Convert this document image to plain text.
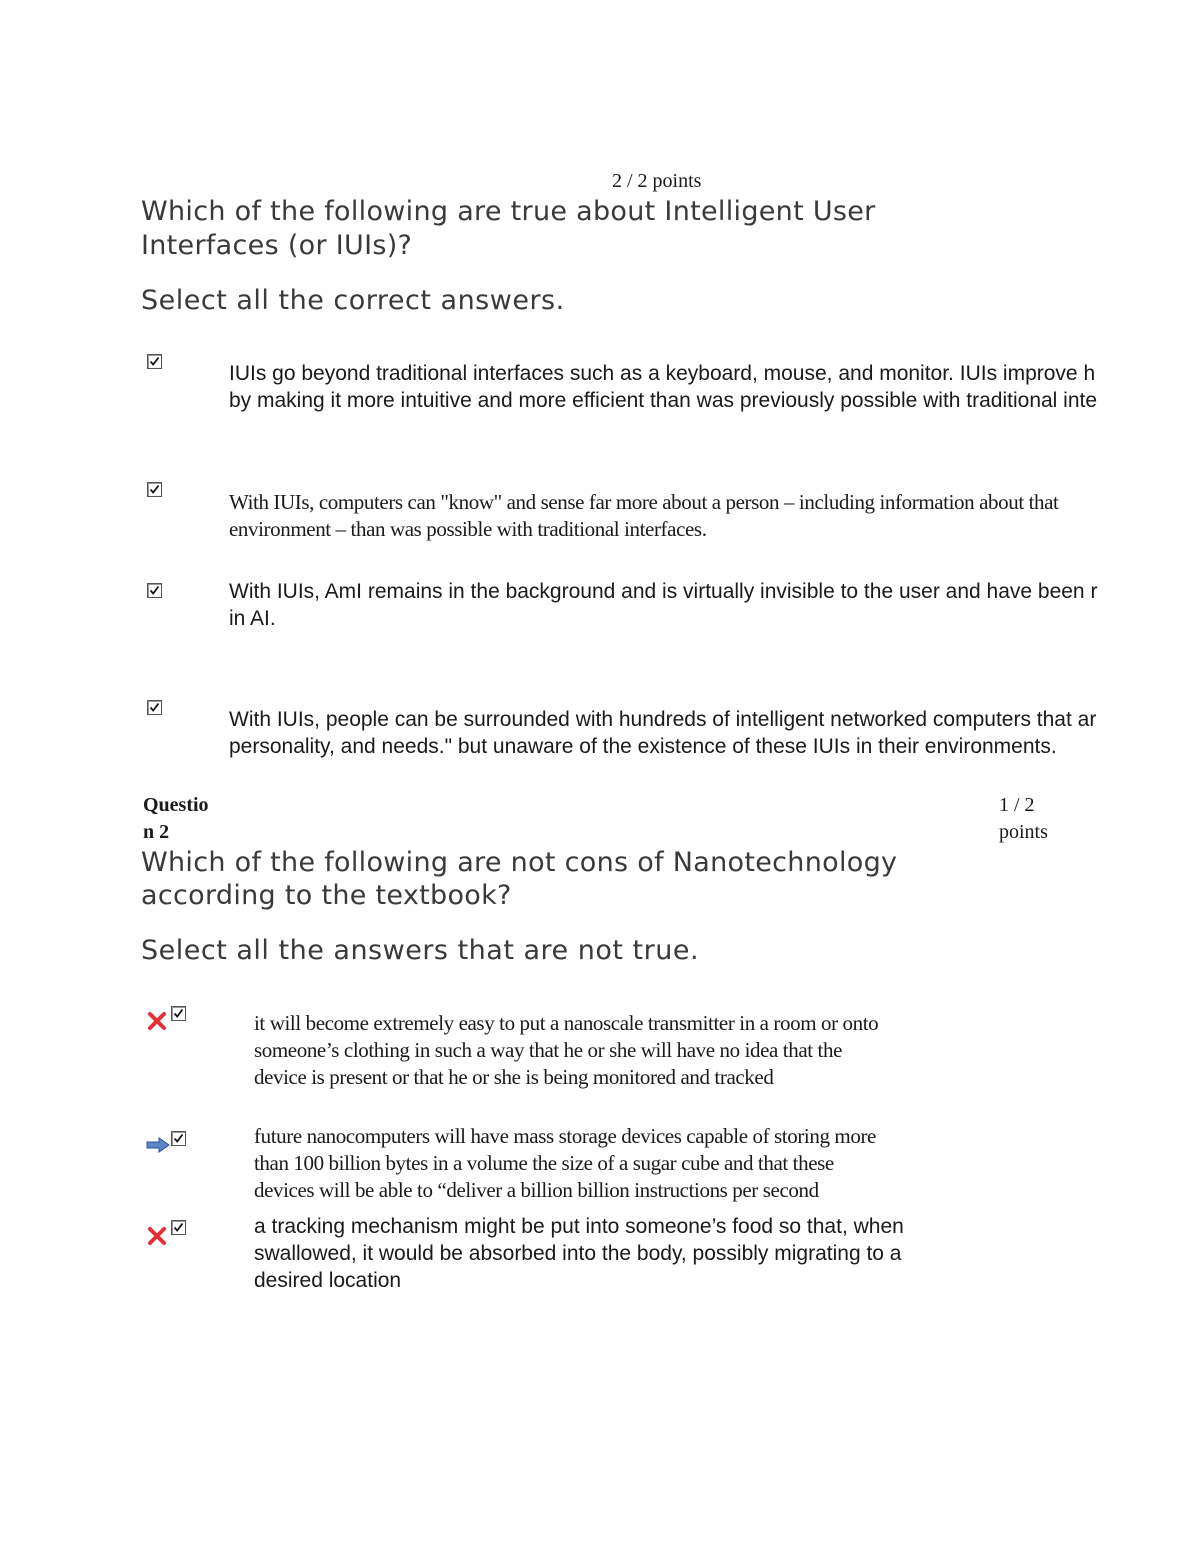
2 / 2 points
Which of the following are true about Intelligent User
Interfaces (or IUIs)?
Select all the correct answers.
IUIs go beyond traditional interfaces such as a keyboard, mouse, and monitor. IUIs improve h
by making it more intuitive and more efficient than was previously possible with traditional inte
With IUIs, computers can "know" and sense far more about a person – including information about that
environment – than was possible with traditional interfaces.
With IUIs, AmI remains in the background and is virtually invisible to the user and have been r
in AI.
With IUIs, people can be surrounded with hundreds of intelligent networked computers that ar
personality, and needs." but unaware of the existence of these IUIs in their environments.
Questio
n 2
1 / 2
points
Which of the following are not cons of Nanotechnology
according to the textbook?
Select all the answers that are not true.
it will become extremely easy to put a nanoscale transmitter in a room or onto
someone’s clothing in such a way that he or she will have no idea that the
device is present or that he or she is being monitored and tracked
future nanocomputers will have mass storage devices capable of storing more
than 100 billion bytes in a volume the size of a sugar cube and that these
devices will be able to “deliver a billion billion instructions per second
a tracking mechanism might be put into someone’s food so that, when
swallowed, it would be absorbed into the body, possibly migrating to a
desired location
